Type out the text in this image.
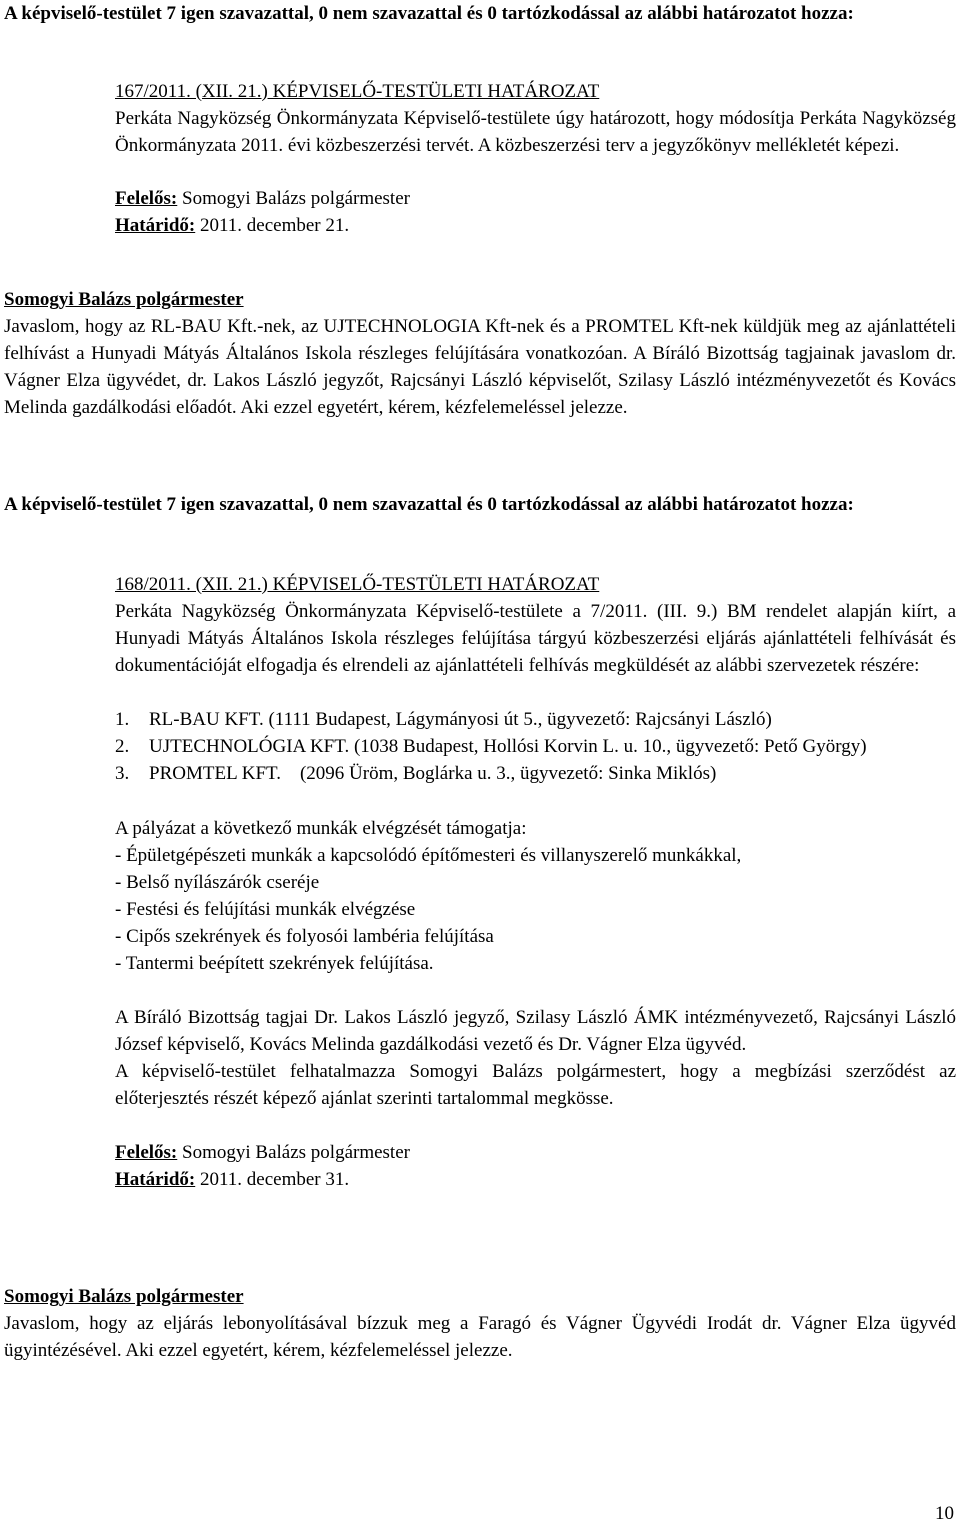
A képviselő-testület 7 igen szavazattal, 0 nem szavazattal és 0 tartózkodással az alábbi határozatot hozza:

167/2011. (XII. 21.) KÉPVISELŐ-TESTÜLETI HATÁROZAT

Perkáta Nagyközség Önkormányzata Képviselő-testülete úgy határozott, hogy módosítja Perkáta Nagyközség Önkormányzata 2011. évi közbeszerzési tervét. A közbeszerzési terv a jegyzőkönyv mellékletét képezi.

Felelős: Somogyi Balázs polgármester

Határidő: 2011. december 21.

Somogyi Balázs polgármester

Javaslom, hogy az RL-BAU Kft.-nek, az UJTECHNOLOGIA Kft-nek és a PROMTEL Kft-nek küldjük meg az ajánlattételi felhívást a Hunyadi Mátyás Általános Iskola részleges felújítására vonatkozóan. A Bíráló Bizottság tagjainak javaslom dr. Vágner Elza ügyvédet, dr. Lakos László jegyzőt, Rajcsányi László képviselőt, Szilasy László intézményvezetőt és Kovács Melinda gazdálkodási előadót. Aki ezzel egyetért, kérem, kézfelemeléssel jelezze.

A képviselő-testület 7 igen szavazattal, 0 nem szavazattal és 0 tartózkodással az alábbi határozatot hozza:

168/2011. (XII. 21.) KÉPVISELŐ-TESTÜLETI HATÁROZAT

Perkáta Nagyközség Önkormányzata Képviselő-testülete a 7/2011. (III. 9.) BM rendelet alapján kiírt, a Hunyadi Mátyás Általános Iskola részleges felújítása tárgyú közbeszerzési eljárás ajánlattételi felhívását és dokumentációját elfogadja és elrendeli az ajánlattételi felhívás megküldését az alábbi szervezetek részére:

1. RL-BAU KFT. (1111 Budapest, Lágymányosi út 5., ügyvezető: Rajcsányi László)
2. UJTECHNOLÓGIA KFT. (1038 Budapest, Hollósi Korvin L. u. 10., ügyvezető: Pető György)
3. PROMTEL KFT.    (2096 Üröm, Boglárka u. 3., ügyvezető: Sinka Miklós)

A pályázat a következő munkák elvégzését támogatja:

- Épületgépészeti munkák a kapcsolódó építőmesteri és villanyszerelő munkákkal,

- Belső nyílászárók cseréje

- Festési és felújítási munkák elvégzése

- Cipős szekrények és folyosói lambéria felújítása

- Tantermi beépített szekrények felújítása.

A Bíráló Bizottság tagjai Dr. Lakos László jegyző, Szilasy László ÁMK intézményvezető, Rajcsányi László József képviselő, Kovács Melinda gazdálkodási vezető és Dr. Vágner Elza ügyvéd.

A képviselő-testület felhatalmazza Somogyi Balázs polgármestert, hogy a megbízási szerződést az előterjesztés részét képező ajánlat szerinti tartalommal megkösse.

Felelős: Somogyi Balázs polgármester

Határidő: 2011. december 31.

Somogyi Balázs polgármester

Javaslom, hogy az eljárás lebonyolításával bízzuk meg a Faragó és Vágner Ügyvédi Irodát dr. Vágner Elza ügyvéd ügyintézésével. Aki ezzel egyetért, kérem, kézfelemeléssel jelezze.

10
